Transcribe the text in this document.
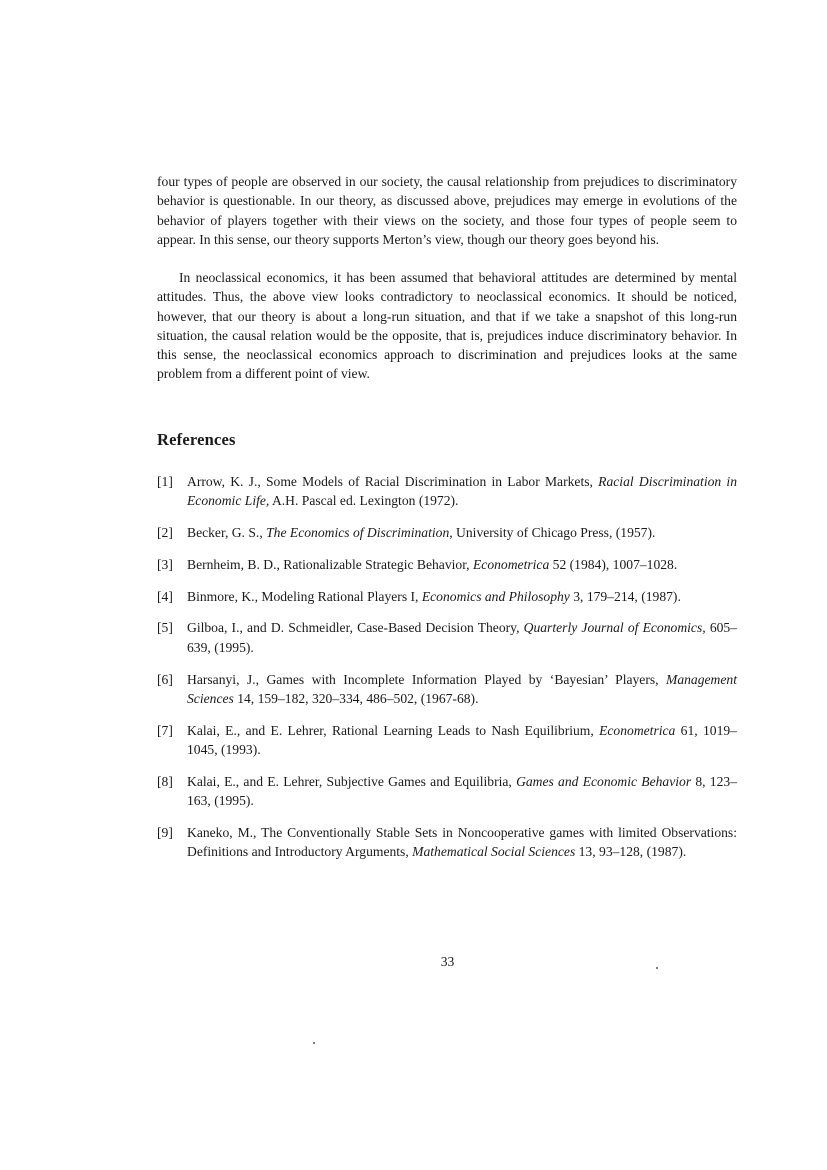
four types of people are observed in our society, the causal relationship from prejudices to discriminatory behavior is questionable. In our theory, as discussed above, prejudices may emerge in evolutions of the behavior of players together with their views on the society, and those four types of people seem to appear. In this sense, our theory supports Merton’s view, though our theory goes beyond his.

In neoclassical economics, it has been assumed that behavioral attitudes are determined by mental attitudes. Thus, the above view looks contradictory to neoclassical economics. It should be noticed, however, that our theory is about a long-run situation, and that if we take a snapshot of this long-run situation, the causal relation would be the opposite, that is, prejudices induce discriminatory behavior. In this sense, the neoclassical economics approach to discrimination and prejudices looks at the same problem from a different point of view.

References
[1] Arrow, K. J., Some Models of Racial Discrimination in Labor Markets, Racial Discrimination in Economic Life, A.H. Pascal ed. Lexington (1972).
[2] Becker, G. S., The Economics of Discrimination, University of Chicago Press, (1957).
[3] Bernheim, B. D., Rationalizable Strategic Behavior, Econometrica 52 (1984), 1007–1028.
[4] Binmore, K., Modeling Rational Players I, Economics and Philosophy 3, 179–214, (1987).
[5] Gilboa, I., and D. Schmeidler, Case-Based Decision Theory, Quarterly Journal of Economics, 605–639, (1995).
[6] Harsanyi, J., Games with Incomplete Information Played by ‘Bayesian’ Players, Management Sciences 14, 159–182, 320–334, 486–502, (1967-68).
[7] Kalai, E., and E. Lehrer, Rational Learning Leads to Nash Equilibrium, Econometrica 61, 1019–1045, (1993).
[8] Kalai, E., and E. Lehrer, Subjective Games and Equilibria, Games and Economic Behavior 8, 123–163, (1995).
[9] Kaneko, M., The Conventionally Stable Sets in Noncooperative games with limited Observations: Definitions and Introductory Arguments, Mathematical Social Sciences 13, 93–128, (1987).
33
